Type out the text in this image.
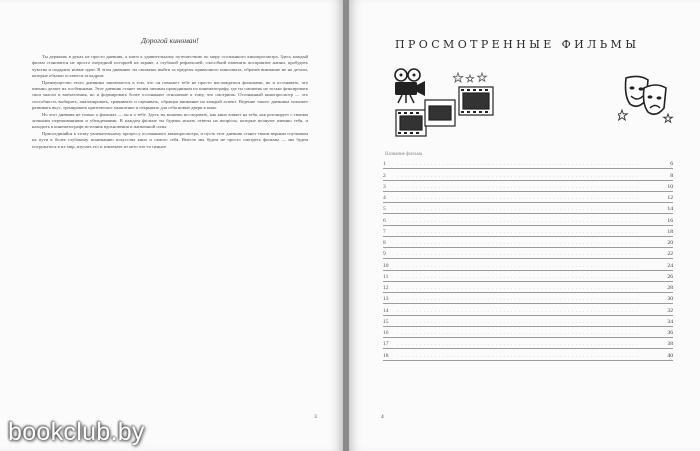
Дорогой киноман!

Ты держишь в руках не просто дневник, а ключ к удивительному путешествию по миру осознанного кинопросмотра. Здесь каждый фильм становится не просто очередной историей на экране, а глубокой рефлексией, способной изменить восприятие жизни, пробудить чувства и подарить новые идеи. В этом дневнике ты сможешь выйти за пределы привычного киноопыта, обратив внимание не на детали, которые обычно остаются за кадром.

Преимущество этого дневника заключается в том, что он поможет тебе не просто наслаждаться фильмами, но и осознавать, что именно делает их особенными. Этот дневник станет твоим личным проводником по кинематографу, где ты сможешь не только фиксировать свои мысли и впечатления, но и формировать более осознанное отношение к тому, что смотришь. Осознанный кинопросмотр — это способность выбирать, анализировать, сравнивать и оценивать, обращая внимание на каждый аспект. Ведение такого дневника поможет развивать вкус, тренировать критическое мышление и открывать для себя новые двери в кино.

Но этот дневник не только о фильмах — он и о тебе. Здесь ты можешь исследовать, как кино влияет на тебя, как резонирует с твоими личными переживаниями и убеждениями. В каждом фильме ты будешь искать ответы на вопросы, которые волнуют именно тебя, и находить в кинематографе источник вдохновения и жизненной силы.

Присоединяйся к этому увлекательному процессу осознанного кинопросмотра, и пусть этот дневник станет твоим верным спутником на пути к более глубокому пониманию искусства кино и самого себя. Вместе мы будем не просто смотреть фильмы — мы будем погружаться в их мир, изучать его и извлекать из него что-то ценное.

3
ПРОСМОТРЕННЫЕ ФИЛЬМЫ
Название фильма
1	. . . . . . . . . . . . . . . . . . . . . . . . . . . . . . . . . . . . . . . . . . . . . . . . . . . . . . . . . . . . . . . .	6
2	. . . . . . . . . . . . . . . . . . . . . . . . . . . . . . . . . . . . . . . . . . . . . . . . . . . . . . . . . . . . . . . .	8
3	. . . . . . . . . . . . . . . . . . . . . . . . . . . . . . . . . . . . . . . . . . . . . . . . . . . . . . . . . . . . . . . .	10
4	. . . . . . . . . . . . . . . . . . . . . . . . . . . . . . . . . . . . . . . . . . . . . . . . . . . . . . . . . . . . . . . .	12
5	. . . . . . . . . . . . . . . . . . . . . . . . . . . . . . . . . . . . . . . . . . . . . . . . . . . . . . . . . . . . . . . .	14
6	. . . . . . . . . . . . . . . . . . . . . . . . . . . . . . . . . . . . . . . . . . . . . . . . . . . . . . . . . . . . . . . .	16
7	. . . . . . . . . . . . . . . . . . . . . . . . . . . . . . . . . . . . . . . . . . . . . . . . . . . . . . . . . . . . . . . .	18
8	. . . . . . . . . . . . . . . . . . . . . . . . . . . . . . . . . . . . . . . . . . . . . . . . . . . . . . . . . . . . . . . .	20
9	. . . . . . . . . . . . . . . . . . . . . . . . . . . . . . . . . . . . . . . . . . . . . . . . . . . . . . . . . . . . . . . .	22
10	. . . . . . . . . . . . . . . . . . . . . . . . . . . . . . . . . . . . . . . . . . . . . . . . . . . . . . . . . . . . . . . .	24
11	. . . . . . . . . . . . . . . . . . . . . . . . . . . . . . . . . . . . . . . . . . . . . . . . . . . . . . . . . . . . . . . .	26
12	. . . . . . . . . . . . . . . . . . . . . . . . . . . . . . . . . . . . . . . . . . . . . . . . . . . . . . . . . . . . . . . .	28
13	. . . . . . . . . . . . . . . . . . . . . . . . . . . . . . . . . . . . . . . . . . . . . . . . . . . . . . . . . . . . . . . .	30
14	. . . . . . . . . . . . . . . . . . . . . . . . . . . . . . . . . . . . . . . . . . . . . . . . . . . . . . . . . . . . . . . .	32
15	. . . . . . . . . . . . . . . . . . . . . . . . . . . . . . . . . . . . . . . . . . . . . . . . . . . . . . . . . . . . . . . .	34
16	. . . . . . . . . . . . . . . . . . . . . . . . . . . . . . . . . . . . . . . . . . . . . . . . . . . . . . . . . . . . . . . .	36
17	. . . . . . . . . . . . . . . . . . . . . . . . . . . . . . . . . . . . . . . . . . . . . . . . . . . . . . . . . . . . . . . .	38
18	. . . . . . . . . . . . . . . . . . . . . . . . . . . . . . . . . . . . . . . . . . . . . . . . . . . . . . . . . . . . . . . .	40
4
bookclub.by
